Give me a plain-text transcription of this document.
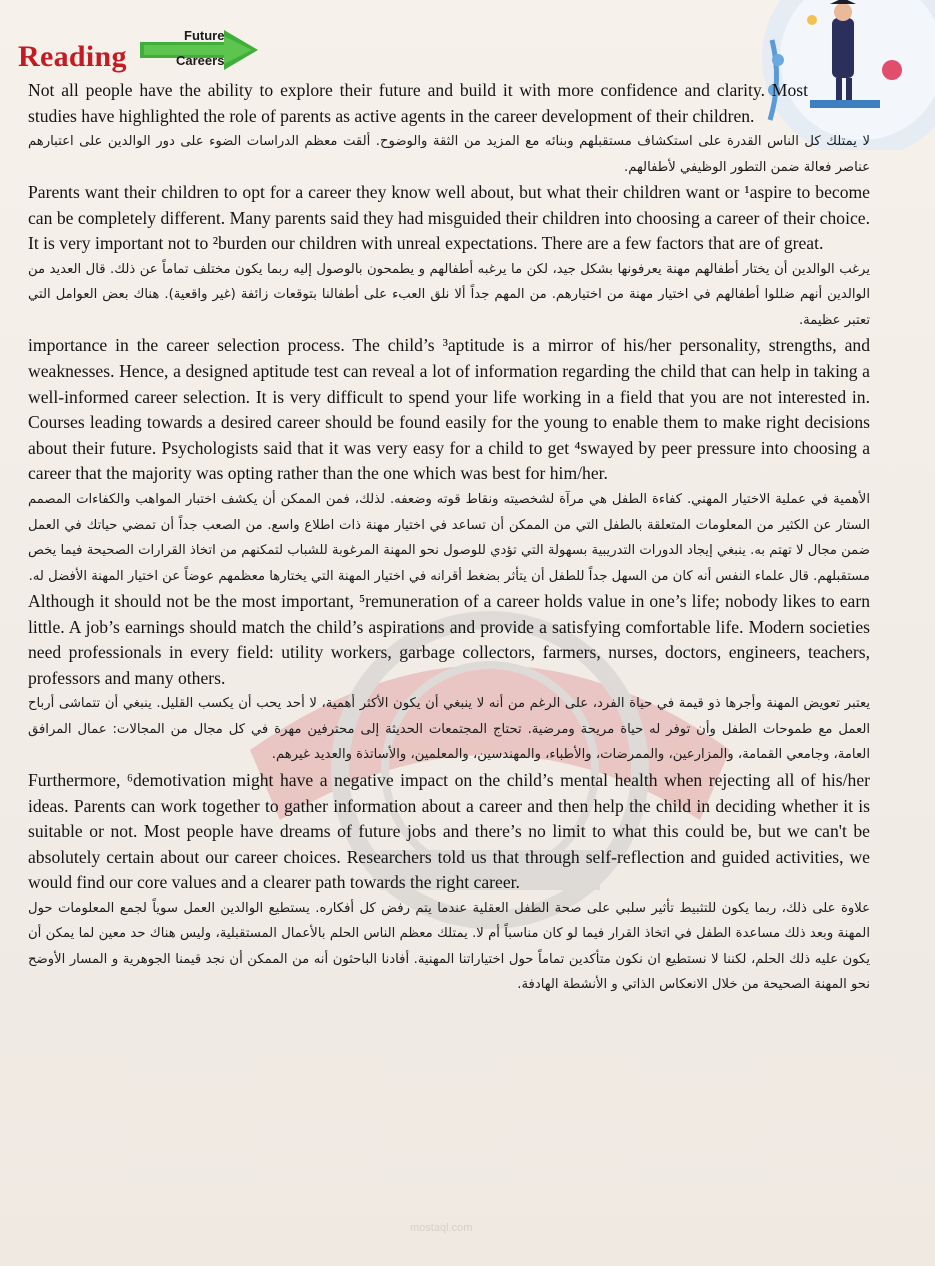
Reading
Future
Careers

Not all people have the ability to explore their future and build it with more confidence and clarity. Most studies have highlighted the role of parents as active agents in the career development of their children.

لا يمتلك كل الناس القدرة على استكشاف مستقبلهم وبنائه مع المزيد من الثقة والوضوح. ألقت معظم الدراسات الضوء على دور الوالدين على اعتبارهم عناصر فعالة ضمن التطور الوظيفي لأطفالهم.

Parents want their children to opt for a career they know well about, but what their children want or ¹aspire to become can be completely different. Many parents said they had misguided their children into choosing a career of their choice. It is very important not to ²burden our children with unreal expectations. There are a few factors that are of great.

يرغب الوالدين أن يختار أطفالهم مهنة يعرفونها بشكل جيد، لكن ما يرغبه أطفالهم و يطمحون بالوصول إليه ربما يكون مختلف تماماً عن ذلك. قال العديد من الوالدين أنهم ضللوا أطفالهم في اختيار مهنة من اختيارهم. من المهم جداً ألا نلق العبء على أطفالنا بتوقعات زائفة (غير واقعية). هناك بعض العوامل التي تعتبر عظيمة.

importance in the career selection process. The child’s ³aptitude is a mirror of his/her personality, strengths, and weaknesses. Hence, a designed aptitude test can reveal a lot of information regarding the child that can help in taking a well-informed career selection. It is very difficult to spend your life working in a field that you are not interested in. Courses leading towards a desired career should be found easily for the young to enable them to make right decisions about their future. Psychologists said that it was very easy for a child to get ⁴swayed by peer pressure into choosing a career that the majority was opting rather than the one which was best for him/her.

الأهمية في عملية الاختيار المهني. كفاءة الطفل هي مرآة لشخصيته ونقاط قوته وضعفه. لذلك، فمن الممكن أن يكشف اختبار المواهب والكفاءات المصمم الستار عن الكثير من المعلومات المتعلقة بالطفل التي من الممكن أن تساعد في اختيار مهنة ذات اطلاع واسع. من الصعب جداً أن تمضي حياتك في العمل ضمن مجال لا تهتم به. ينبغي إيجاد الدورات التدريبية بسهولة التي تؤدي للوصول نحو المهنة المرغوبة للشباب لتمكنهم من اتخاذ القرارات الصحيحة فيما يخص مستقبلهم. قال علماء النفس أنه كان من السهل جداً للطفل أن يتأثر بضغط أقرانه في اختيار المهنة التي يختارها معظمهم عوضاً عن اختيار المهنة الأفضل له.

Although it should not be the most important, ⁵remuneration of a career holds value in one’s life; nobody likes to earn little. A job’s earnings should match the child’s aspirations and provide a satisfying comfortable life. Modern societies need professionals in every field: utility workers, garbage collectors, farmers, nurses, doctors, engineers, teachers, professors and many others.

يعتبر تعويض المهنة وأجرها ذو قيمة في حياة الفرد، على الرغم من أنه لا ينبغي أن يكون الأكثر أهمية، لا أحد يحب أن يكسب القليل. ينبغي أن تتماشى أرباح العمل مع طموحات الطفل وأن توفر له حياة مريحة ومرضية. تحتاج المجتمعات الحديثة إلى محترفين مهرة في كل مجال من المجالات: عمال المرافق العامة، وجامعي القمامة، والمزارعين، والممرضات، والأطباء، والمهندسين، والمعلمين، والأساتذة والعديد غيرهم.

Furthermore, ⁶demotivation might have a negative impact on the child’s mental health when rejecting all of his/her ideas. Parents can work together to gather information about a career and then help the child in deciding whether it is suitable or not. Most people have dreams of future jobs and there’s no limit to what this could be, but we can't be absolutely certain about our career choices. Researchers told us that through self-reflection and guided activities, we would find our core values and a clearer path towards the right career.

علاوة على ذلك، ربما يكون للتثبيط تأثير سلبي على صحة الطفل العقلية عندما يتم رفض كل أفكاره. يستطيع الوالدين العمل سوياً لجمع المعلومات حول المهنة وبعد ذلك مساعدة الطفل في اتخاذ القرار فيما لو كان مناسباً أم لا. يمتلك معظم الناس الحلم بالأعمال المستقبلية، وليس هناك حد معين لما يمكن أن يكون عليه ذلك الحلم، لكننا لا نستطيع ان نكون متأكدين تماماً حول اختياراتنا المهنية. أفادنا الباحثون أنه من الممكن أن نجد قيمنا الجوهرية و المسار الأوضح نحو المهنة الصحيحة من خلال الانعكاس الذاتي و الأنشطة الهادفة.

mostaql.com
